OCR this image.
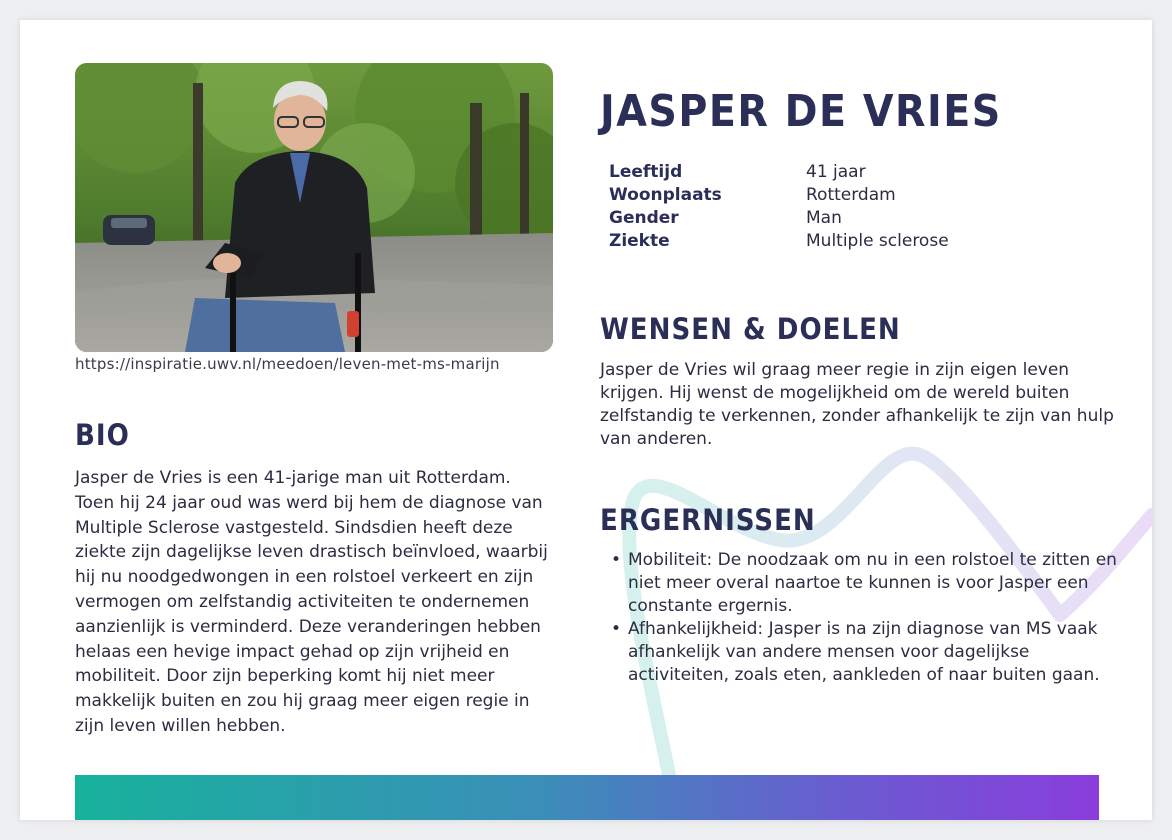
https://inspiratie.uwv.nl/meedoen/leven-met-ms-marijn
JASPER DE VRIES
Leeftijd	41 jaar
Woonplaats	Rotterdam
Gender	Man
Ziekte	Multiple sclerose
BIO

Jasper de Vries is een 41-jarige man uit Rotterdam. Toen hij 24 jaar oud was werd bij hem de diagnose van Multiple Sclerose vastgesteld. Sindsdien heeft deze ziekte zijn dagelijkse leven drastisch beïnvloed, waarbij hij nu noodgedwongen in een rolstoel verkeert en zijn vermogen om zelfstandig activiteiten te ondernemen aanzienlijk is verminderd. Deze veranderingen hebben helaas een hevige impact gehad op zijn vrijheid en mobiliteit. Door zijn beperking komt hij niet meer makkelijk buiten en zou hij graag meer eigen regie in zijn leven willen hebben.

WENSEN & DOELEN

Jasper de Vries wil graag meer regie in zijn eigen leven krijgen. Hij wenst de mogelijkheid om de wereld buiten zelfstandig te verkennen, zonder afhankelijk te zijn van hulp van anderen.

ERGERNISSEN
• Mobiliteit: De noodzaak om nu in een rolstoel te zitten en niet meer overal naartoe te kunnen is voor Jasper een constante ergernis.
• Afhankelijkheid: Jasper is na zijn diagnose van MS vaak afhankelijk van andere mensen voor dagelijkse activiteiten, zoals eten, aankleden of naar buiten gaan.
